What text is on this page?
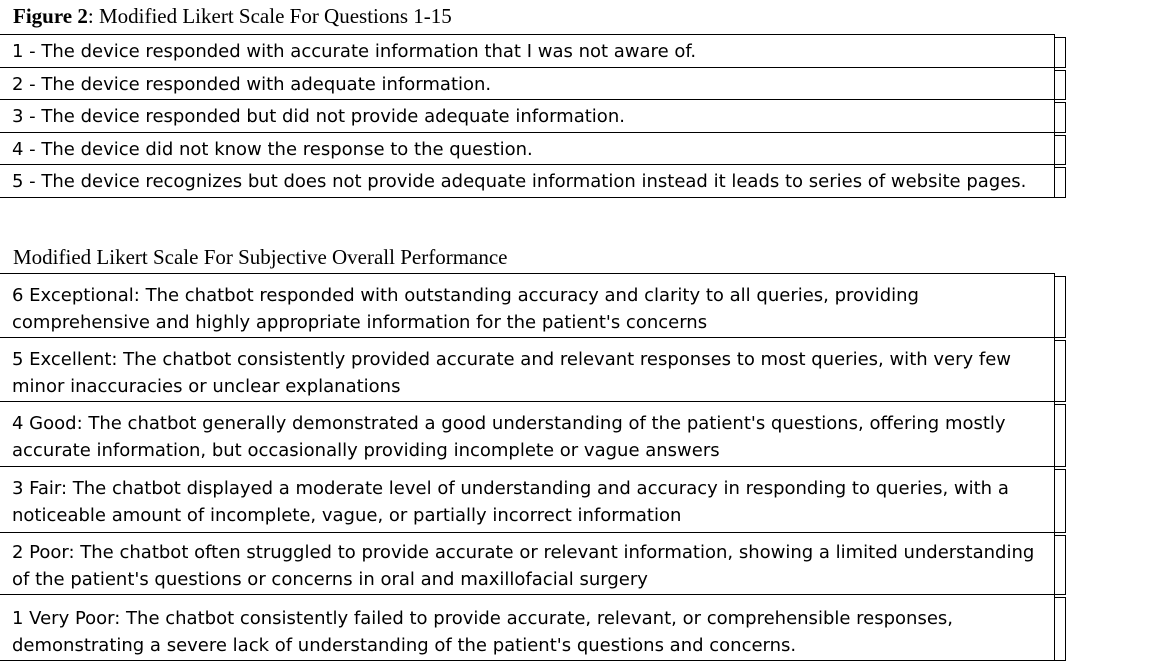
Figure 2: Modified Likert Scale For Questions 1-15
1 - The device responded with accurate information that I was not aware of.
2 - The device responded with adequate information.
3 - The device responded but did not provide adequate information.
4 - The device did not know the response to the question.
5 - The device recognizes but does not provide adequate information instead it leads to series of website pages.
Modified Likert Scale For Subjective Overall Performance
6 Exceptional: The chatbot responded with outstanding accuracy and clarity to all queries, providing
comprehensive and highly appropriate information for the patient's concerns
5 Excellent: The chatbot consistently provided accurate and relevant responses to most queries, with very few
minor inaccuracies or unclear explanations
4 Good: The chatbot generally demonstrated a good understanding of the patient's questions, offering mostly
accurate information, but occasionally providing incomplete or vague answers
3 Fair: The chatbot displayed a moderate level of understanding and accuracy in responding to queries, with a
noticeable amount of incomplete, vague, or partially incorrect information
2 Poor: The chatbot often struggled to provide accurate or relevant information, showing a limited understanding
of the patient's questions or concerns in oral and maxillofacial surgery
1 Very Poor: The chatbot consistently failed to provide accurate, relevant, or comprehensible responses,
demonstrating a severe lack of understanding of the patient's questions and concerns.
